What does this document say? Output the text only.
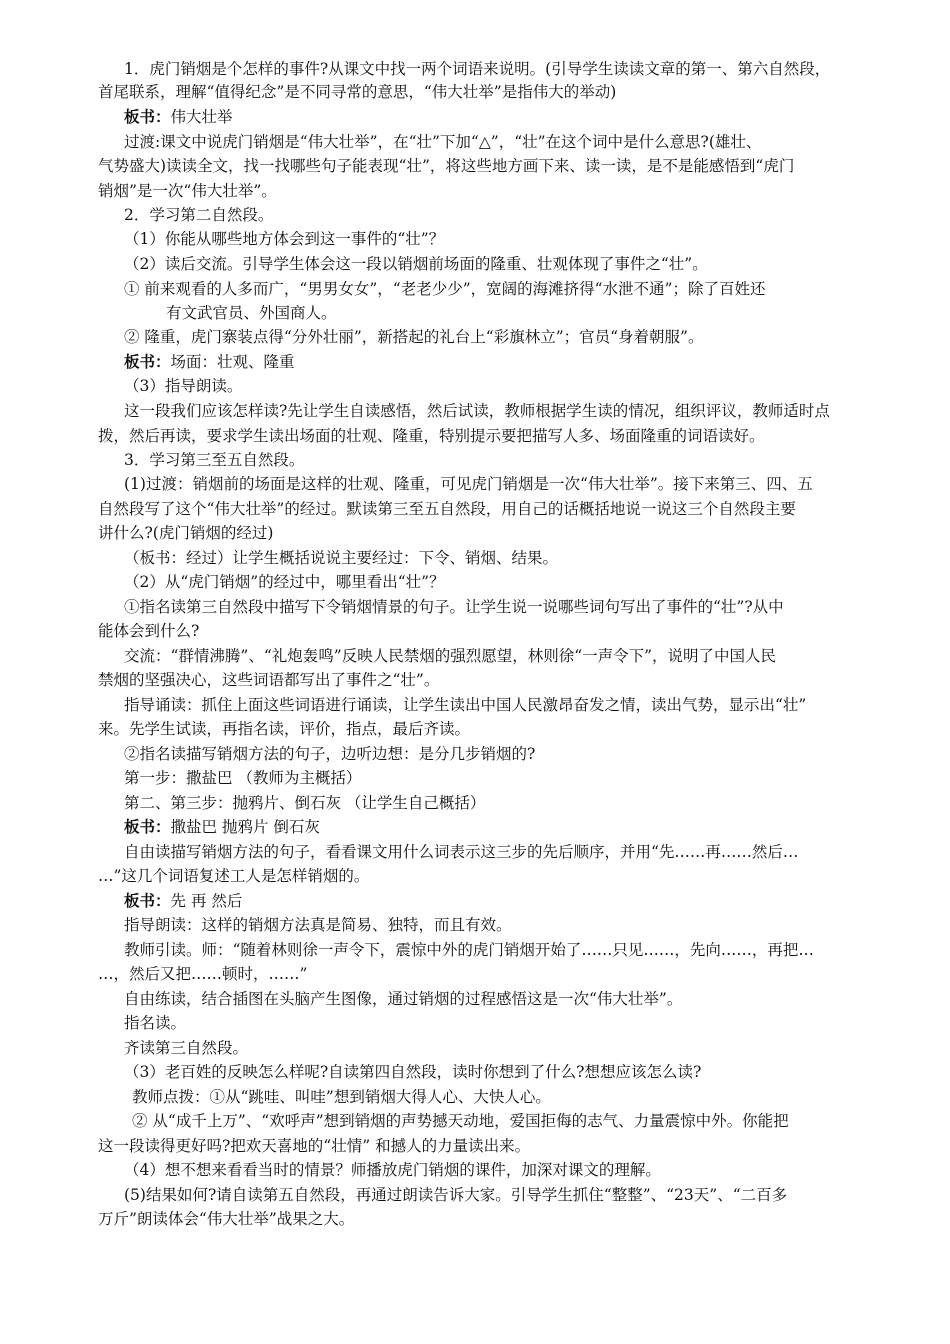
1．虎门销烟是个怎样的事件?从课文中找一两个词语来说明。(引导学生读读文章的第一、第六自然段，
首尾联系，理解“值得纪念”是不同寻常的意思，“伟大壮举”是指伟大的举动)
板书：伟大壮举
过渡:课文中说虎门销烟是“伟大壮举”，在“壮”下加“△”，“壮”在这个词中是什么意思?(雄壮、
气势盛大)读读全文，找一找哪些句子能表现“壮”，将这些地方画下来、读一读，是不是能感悟到“虎门
销烟”是一次“伟大壮举”。
2．学习第二自然段。
（1）你能从哪些地方体会到这一事件的“壮”？
（2）读后交流。引导学生体会这一段以销烟前场面的隆重、壮观体现了事件之“壮”。
① 前来观看的人多而广，“男男女女”，“老老少少”，宽阔的海滩挤得“水泄不通”；除了百姓还
有文武官员、外国商人。
② 隆重，虎门寨装点得“分外壮丽”，新搭起的礼台上“彩旗林立”；官员“身着朝服”。
板书：场面：壮观、隆重
（3）指导朗读。
这一段我们应该怎样读?先让学生自读感悟，然后试读，教师根据学生读的情况，组织评议，教师适时点
拨，然后再读，要求学生读出场面的壮观、隆重，特别提示要把描写人多、场面隆重的词语读好。
3．学习第三至五自然段。
(1)过渡：销烟前的场面是这样的壮观、隆重，可见虎门销烟是一次“伟大壮举”。接下来第三、四、五
自然段写了这个“伟大壮举”的经过。默读第三至五自然段，用自己的话概括地说一说这三个自然段主要
讲什么?(虎门销烟的经过)
（板书：经过）让学生概括说说主要经过：下令、销烟、结果。
（2）从“虎门销烟”的经过中，哪里看出“壮”？
①指名读第三自然段中描写下令销烟情景的句子。让学生说一说哪些词句写出了事件的“壮”?从中
能体会到什么?
交流：“群情沸腾”、“礼炮轰鸣”反映人民禁烟的强烈愿望，林则徐“一声令下”，说明了中国人民
禁烟的坚强决心，这些词语都写出了事件之“壮”。
指导诵读：抓住上面这些词语进行诵读，让学生读出中国人民激昂奋发之情，读出气势，显示出“壮”
来。先学生试读，再指名读，评价，指点，最后齐读。
②指名读描写销烟方法的句子，边听边想：是分几步销烟的?
第一步：撒盐巴 （教师为主概括）
第二、第三步：抛鸦片、倒石灰 （让学生自己概括）
板书：撒盐巴 抛鸦片 倒石灰
自由读描写销烟方法的句子，看看课文用什么词表示这三步的先后顺序，并用“先……再……然后…
…”这几个词语复述工人是怎样销烟的。
板书：先 再 然后
指导朗读：这样的销烟方法真是简易、独特，而且有效。
教师引读。师：“随着林则徐一声令下，震惊中外的虎门销烟开始了……只见……，先向……，再把…
…，然后又把……顿时，……”
自由练读，结合插图在头脑产生图像，通过销烟的过程感悟这是一次“伟大壮举”。
指名读。
齐读第三自然段。
（3）老百姓的反映怎么样呢?自读第四自然段，读时你想到了什么?想想应该怎么读?
教师点拨：①从“跳哇、叫哇”想到销烟大得人心、大快人心。
② 从“成千上万”、“欢呼声”想到销烟的声势撼天动地，爱国拒侮的志气、力量震惊中外。你能把
这一段读得更好吗?把欢天喜地的“壮情” 和撼人的力量读出来。
（4）想不想来看看当时的情景？师播放虎门销烟的课件，加深对课文的理解。
(5)结果如何?请自读第五自然段，再通过朗读告诉大家。引导学生抓住“整整”、“23天”、“二百多
万斤”朗读体会“伟大壮举”战果之大。
